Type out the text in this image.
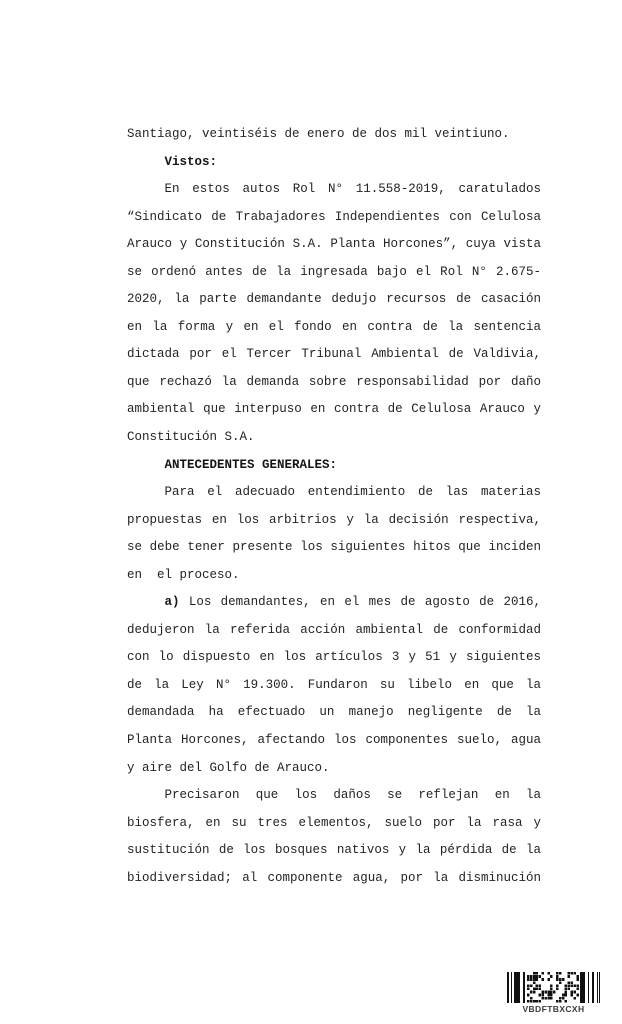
Santiago, veintiséis de enero de dos mil veintiuno.
Vistos:
En estos autos Rol N° 11.558-2019, caratulados
“Sindicato de Trabajadores Independientes con Celulosa
Arauco y Constitución S.A. Planta Horcones”, cuya vista
se ordenó antes de la ingresada bajo el Rol N° 2.675-
2020, la parte demandante dedujo recursos de casación
en la forma y en el fondo en contra de la sentencia
dictada por el Tercer Tribunal Ambiental de Valdivia,
que rechazó la demanda sobre responsabilidad por daño
ambiental que interpuso en contra de Celulosa Arauco y
Constitución S.A.
ANTECEDENTES GENERALES:
Para el adecuado entendimiento de las materias
propuestas en los arbitrios y la decisión respectiva,
se debe tener presente los siguientes hitos que inciden
en  el proceso.
a) Los demandantes, en el mes de agosto de 2016,
dedujeron la referida acción ambiental de conformidad
con lo dispuesto en los artículos 3 y 51 y siguientes
de la Ley N° 19.300. Fundaron su libelo en que la
demandada ha efectuado un manejo negligente de la
Planta Horcones, afectando los componentes suelo, agua
y aire del Golfo de Arauco.
Precisaron que los daños se reflejan en la
biosfera, en su tres elementos, suelo por la rasa y
sustitución de los bosques nativos y la pérdida de la
biodiversidad; al componente agua, por la disminución
VBDFTBXCXH
